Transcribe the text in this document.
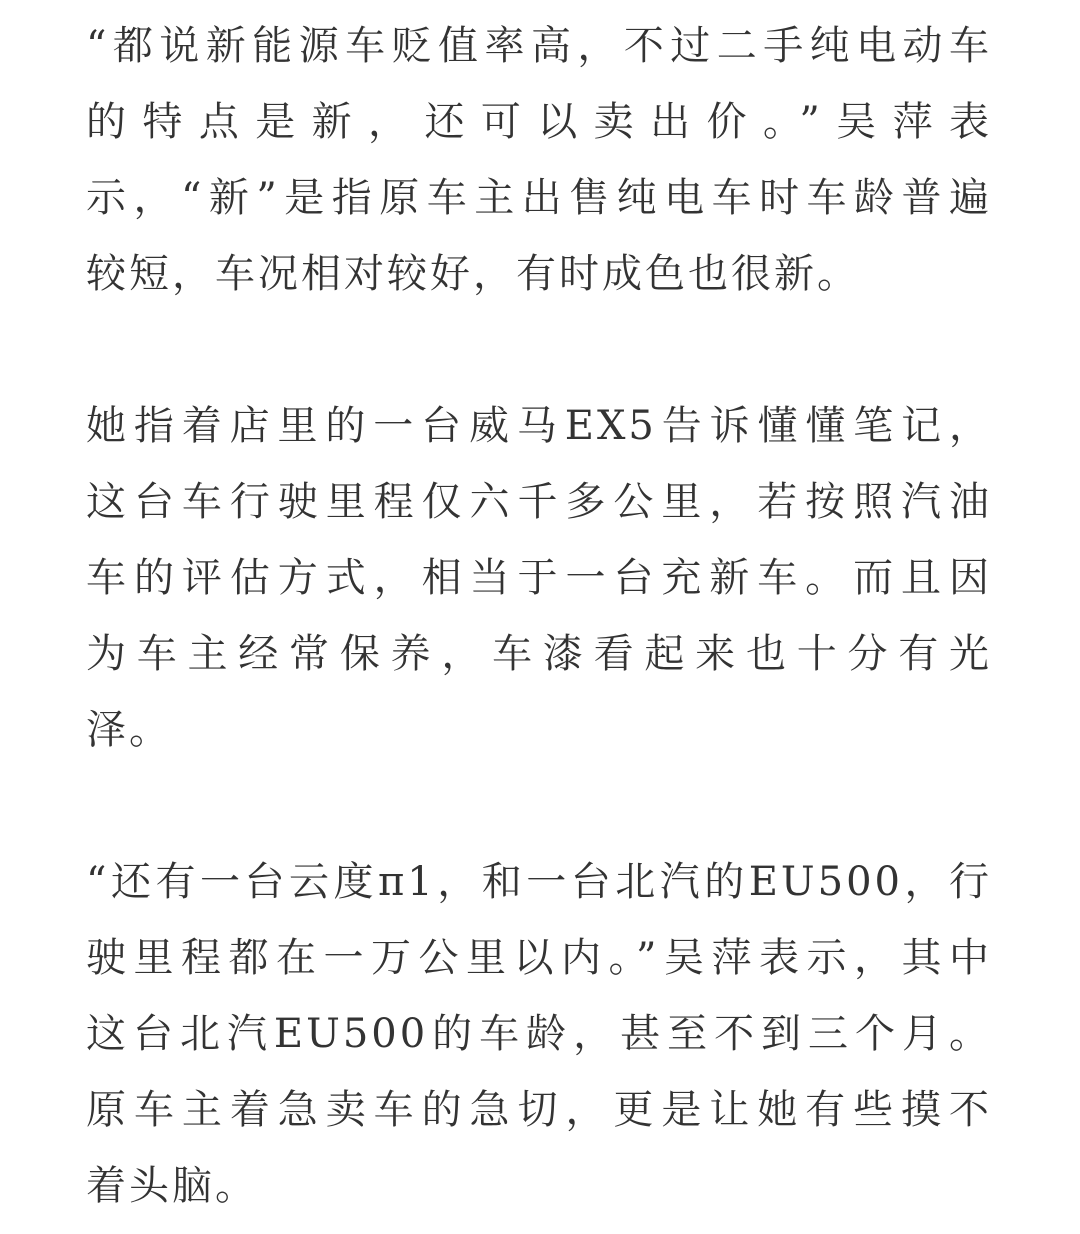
“都说新能源车贬值率高，不过二手纯电动车
的特点是新，还可以卖出价。”吴萍表
示，“新”是指原车主出售纯电车时车龄普遍
较短，车况相对较好，有时成色也很新。
她指着店里的一台威马EX5告诉懂懂笔记，
这台车行驶里程仅六千多公里，若按照汽油
车的评估方式，相当于一台充新车。而且因
为车主经常保养，车漆看起来也十分有光
泽。
“还有一台云度π1，和一台北汽的EU500，行
驶里程都在一万公里以内。”吴萍表示，其中
这台北汽EU500的车龄，甚至不到三个月。
原车主着急卖车的急切，更是让她有些摸不
着头脑。
